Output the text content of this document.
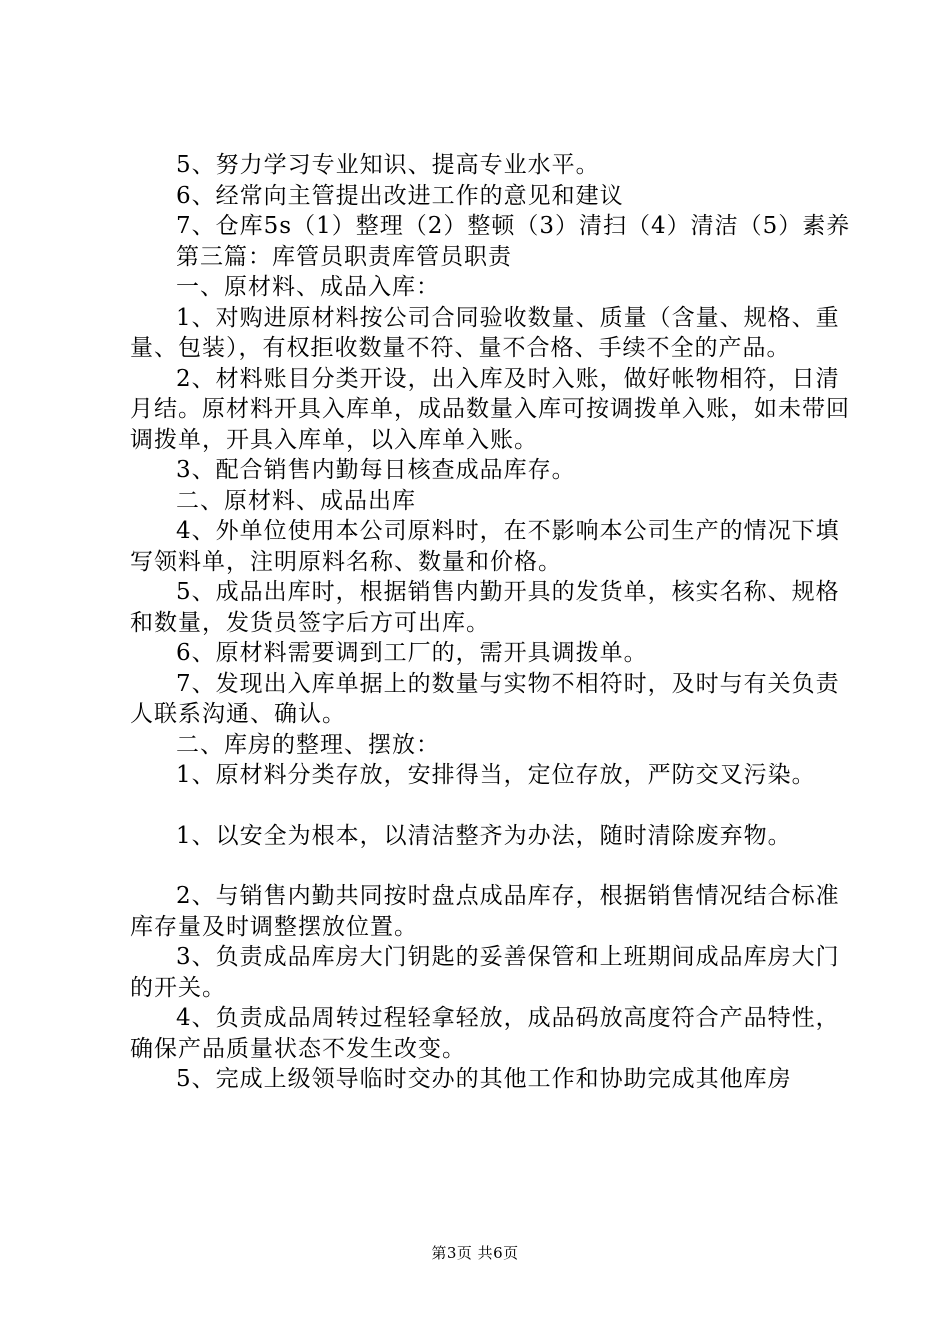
5、努力学习专业知识、提高专业水平。

6、经常向主管提出改进工作的意见和建议

7、仓库5s（1）整理（2）整顿（3）清扫（4）清洁（5）素养

第三篇：库管员职责库管员职责

一、原材料、成品入库：

1、对购进原材料按公司合同验收数量、质量（含量、规格、重量、包装），有权拒收数量不符、量不合格、手续不全的产品。

2、材料账目分类开设，出入库及时入账，做好帐物相符，日清月结。原材料开具入库单，成品数量入库可按调拨单入账，如未带回调拨单，开具入库单，以入库单入账。

3、配合销售内勤每日核查成品库存。

二、原材料、成品出库

4、外单位使用本公司原料时，在不影响本公司生产的情况下填写领料单，注明原料名称、数量和价格。

5、成品出库时，根据销售内勤开具的发货单，核实名称、规格和数量，发货员签字后方可出库。

6、原材料需要调到工厂的，需开具调拨单。

7、发现出入库单据上的数量与实物不相符时，及时与有关负责人联系沟通、确认。

二、库房的整理、摆放：

1、原材料分类存放，安排得当，定位存放，严防交叉污染。

1、以安全为根本，以清洁整齐为办法，随时清除废弃物。

2、与销售内勤共同按时盘点成品库存，根据销售情况结合标准库存量及时调整摆放位置。

3、负责成品库房大门钥匙的妥善保管和上班期间成品库房大门的开关。

4、负责成品周转过程轻拿轻放，成品码放高度符合产品特性，确保产品质量状态不发生改变。

5、完成上级领导临时交办的其他工作和协助完成其他库房

第3页 共6页
